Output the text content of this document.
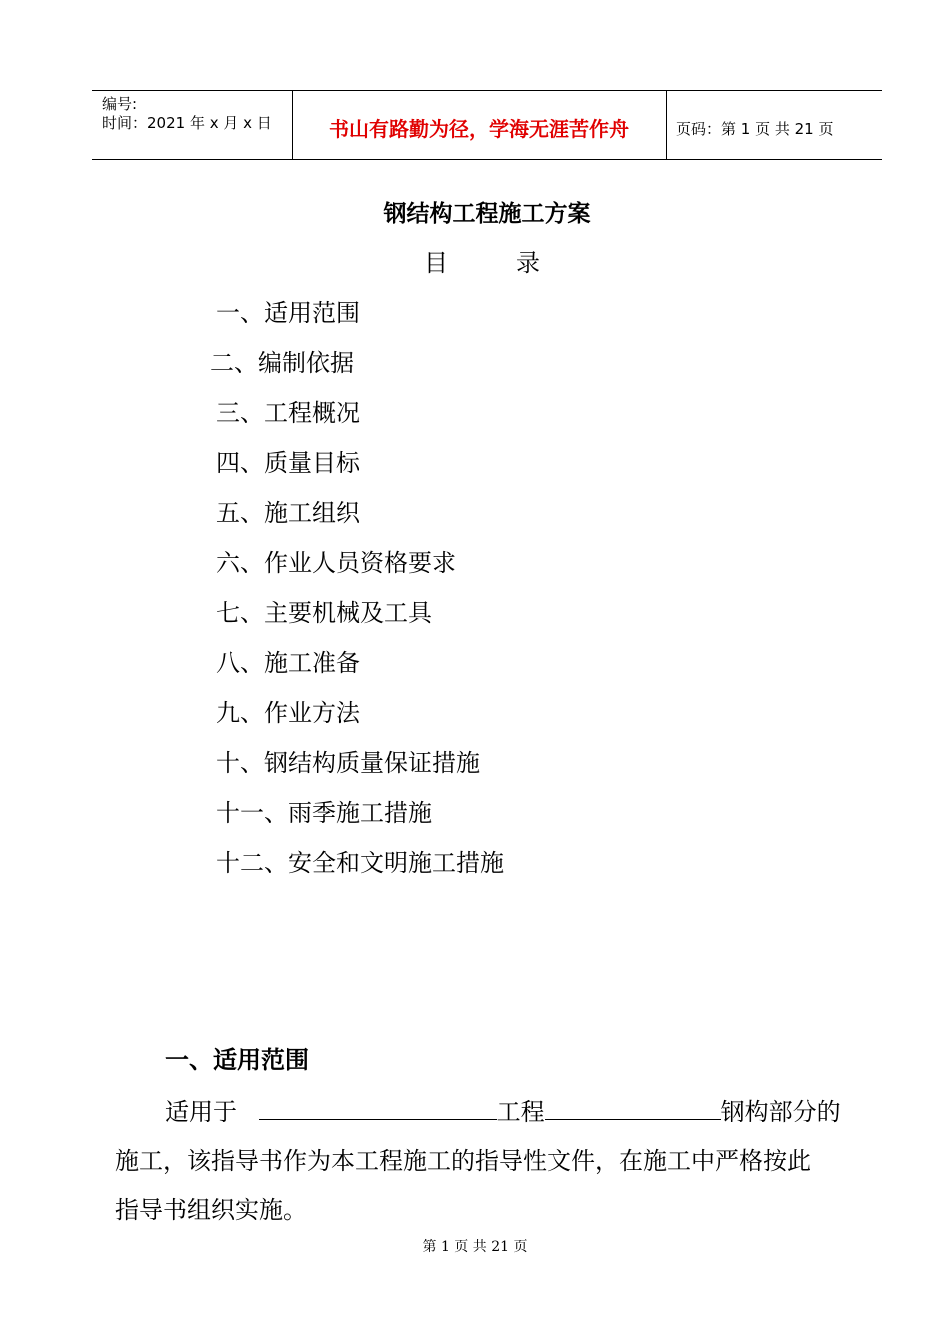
编号:
时间：2021 年 x 月 x 日	书山有路勤为径，学海无涯苦作舟	页码：第 1 页 共 21 页
钢结构工程施工方案
目	录
一、适用范围
二、编制依据
三、工程概况
四、质量目标
五、施工组织
六、作业人员资格要求
七、主要机械及工具
八、施工准备
九、作业方法
十、钢结构质量保证措施
十一、雨季施工措施
十二、安全和文明施工措施
一、适用范围
适用于	工程	钢构部分的
施工，该指导书作为本工程施工的指导性文件，在施工中严格按此
指导书组织实施。
第 1 页 共 21 页
